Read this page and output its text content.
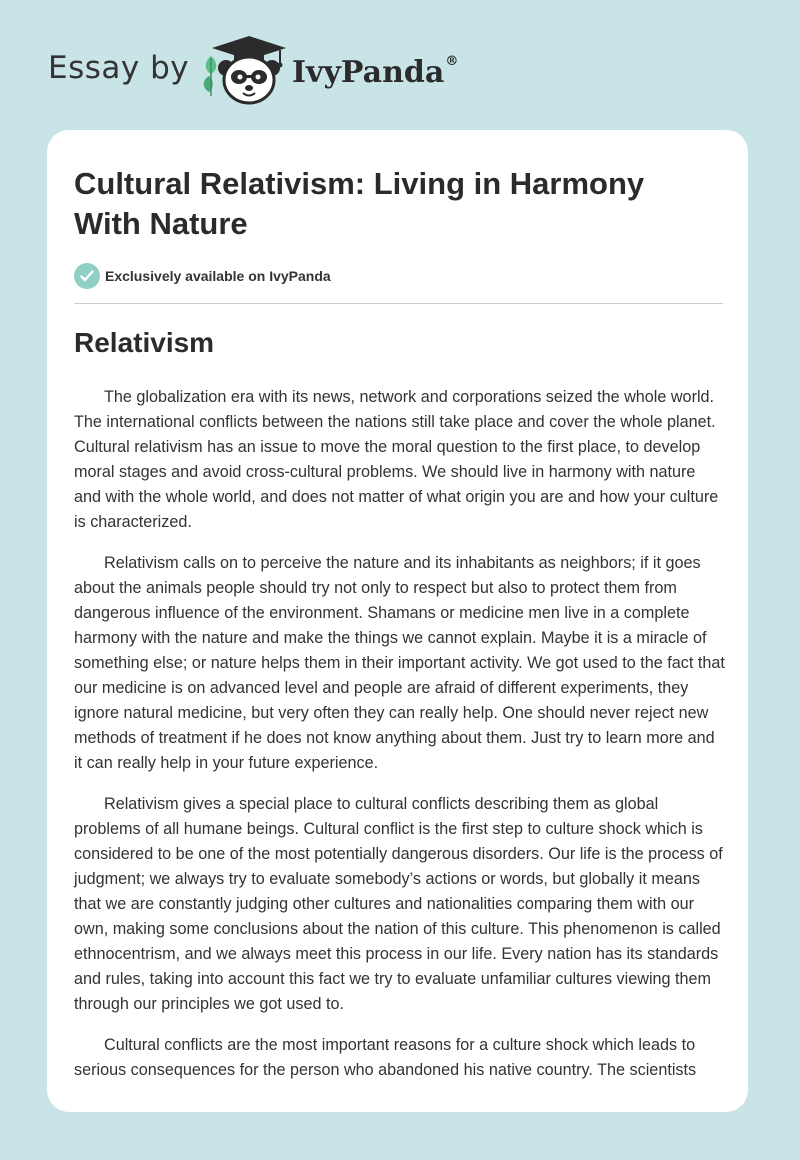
Essay by	IvyPanda®
Cultural Relativism: Living in Harmony With Nature
Exclusively available on IvyPanda
Relativism

The globalization era with its news, network and corporations seized the whole world. The international conflicts between the nations still take place and cover the whole planet. Cultural relativism has an issue to move the moral question to the first place, to develop moral stages and avoid cross-cultural problems. We should live in harmony with nature and with the whole world, and does not matter of what origin you are and how your culture is characterized.

Relativism calls on to perceive the nature and its inhabitants as neighbors; if it goes about the animals people should try not only to respect but also to protect them from dangerous influence of the environment. Shamans or medicine men live in a complete harmony with the nature and make the things we cannot explain. Maybe it is a miracle of something else; or nature helps them in their important activity. We got used to the fact that our medicine is on advanced level and people are afraid of different experiments, they ignore natural medicine, but very often they can really help. One should never reject new methods of treatment if he does not know anything about them. Just try to learn more and it can really help in your future experience.

Relativism gives a special place to cultural conflicts describing them as global problems of all humane beings. Cultural conflict is the first step to culture shock which is considered to be one of the most potentially dangerous disorders. Our life is the process of judgment; we always try to evaluate somebody’s actions or words, but globally it means that we are constantly judging other cultures and nationalities comparing them with our own, making some conclusions about the nation of this culture. This phenomenon is called ethnocentrism, and we always meet this process in our life. Every nation has its standards and rules, taking into account this fact we try to evaluate unfamiliar cultures viewing them through our principles we got used to.

Cultural conflicts are the most important reasons for a culture shock which leads to serious consequences for the person who abandoned his native country. The scientists
